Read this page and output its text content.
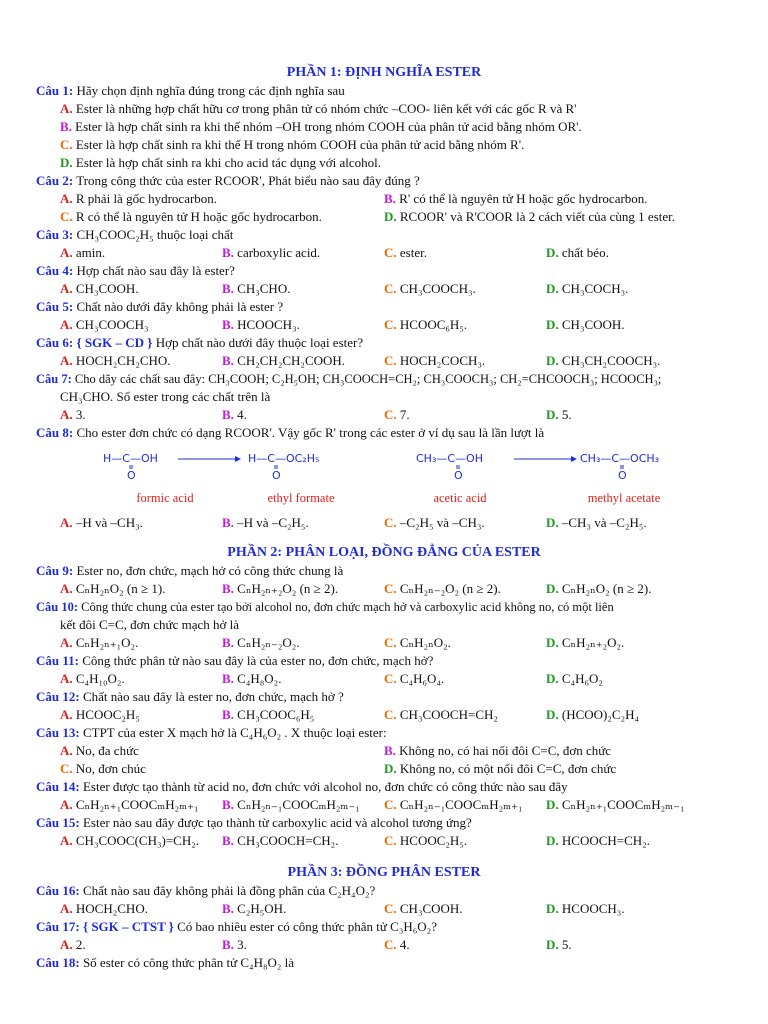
PHẦN 1: ĐỊNH NGHĨA ESTER

Câu 1: Hãy chọn định nghĩa đúng trong các định nghĩa sau

A. Ester là những hợp chất hữu cơ trong phân tử có nhóm chức –COO- liên kết với các gốc R và R'
B. Ester là hợp chất sinh ra khi thế nhóm –OH trong nhóm COOH của phân tử acid bằng nhóm OR'.
C. Ester là hợp chất sinh ra khi thế H trong nhóm COOH của phân tử acid bằng nhóm R'.
D. Ester là hợp chất sinh ra khi cho acid tác dụng với alcohol.

Câu 2: Trong công thức của ester RCOOR', Phát biểu nào sau đây đúng ?

A. R phải là gốc hydrocarbon.	B. R' có thể là nguyên tử H hoặc gốc hydrocarbon.
C. R có thể là nguyên tử H hoặc gốc hydrocarbon.	D. RCOOR' và R'COOR là 2 cách viết của cùng 1 ester.

Câu 3: CH₃COOC₂H₅ thuộc loại chất

A. amin.	B. carboxylic acid.	C. ester.	D. chất béo.

Câu 4: Hợp chất nào sau đây là ester?

A. CH₃COOH.	B. CH₃CHO.	C. CH₃COOCH₃.	D. CH₃COCH₃.

Câu 5: Chất nào dưới đây không phải là ester ?

A. CH₃COOCH₃	B. HCOOCH₃.	C. HCOOC₆H₅.	D. CH₃COOH.

Câu 6: { SGK – CD } Hợp chất nào dưới đây thuộc loại ester?

A. HOCH₂CH₂CHO.	B. CH₂CH₂CH₂COOH.	C. HOCH₂COCH₃.	D. CH₃CH₂COOCH₃.

Câu 7: Cho dãy các chất sau đây: CH₃COOH; C₂H₅OH; CH₃COOCH=CH₂; CH₃COOCH₃; CH₂=CHCOOCH₃; HCOOCH₃;

CH₃CHO. Số ester trong các chất trên là

A. 3.	B. 4.	C. 7.	D. 5.

Câu 8: Cho ester đơn chức có dạng RCOOR'. Vậy gốc R' trong các ester ở ví dụ sau là lần lượt là

H—C—OH
O
H—C—OC₂H₅
O
formic acid	ethyl formate
CH₃—C—OH
O
CH₃—C—OCH₃
O
acetic acid	methyl acetate
A. –H và –CH₃.	B. –H và –C₂H₅.	C. –C₂H₅ và –CH₃.	D. –CH₃ và –C₂H₅.

PHẦN 2: PHÂN LOẠI, ĐỒNG ĐẲNG CỦA ESTER

Câu 9: Ester no, đơn chức, mạch hở có công thức chung là

A. CₙH₂ₙO₂ (n ≥ 1).	B. CₙH₂ₙ₊₂O₂ (n ≥ 2).	C. CₙH₂ₙ₋₂O₂ (n ≥ 2).	D. CₙH₂ₙO₂ (n ≥ 2).

Câu 10: Công thức chung của ester tạo bởi alcohol no, đơn chức mạch hở và carboxylic acid không no, có một liên

kết đôi C=C, đơn chức mạch hở là

A. CₙH₂ₙ₊₁O₂.	B. CₙH₂ₙ₋₂O₂.	C. CₙH₂ₙO₂.	D. CₙH₂ₙ₊₂O₂.

Câu 11: Công thức phân tử nào sau đây là của ester no, đơn chức, mạch hở?

A. C₄H₁₀O₂.	B. C₄H₈O₂.	C. C₄H₆O₄.	D. C₄H₆O₂

Câu 12: Chất nào sau đây là ester no, đơn chức, mạch hở ?

A. HCOOC₂H₅	B. CH₃COOC₆H₅	C. CH₃COOCH=CH₂	D. (HCOO)₂C₂H₄

Câu 13: CTPT của ester X mạch hở là C₄H₆O₂ . X thuộc loại ester:

A. No, đa chức	B. Không no, có hai nối đôi C=C, đơn chức
C. No, đơn chúc	D. Không no, có một nối đôi C=C, đơn chức

Câu 14: Ester được tạo thành từ acid no, đơn chức với alcohol no, đơn chức có công thức nào sau đây

A. CₙH₂ₙ₊₁COOCₘH₂ₘ₊₁	B. CₙH₂ₙ₋₁COOCₘH₂ₘ₋₁	C. CₙH₂ₙ₋₁COOCₘH₂ₘ₊₁	D. CₙH₂ₙ₊₁COOCₘH₂ₘ₋₁

Câu 15: Ester nào sau đây được tạo thành từ carboxylic acid và alcohol tương ứng?

A. CH₃COOC(CH₃)=CH₂.	B. CH₃COOCH=CH₂.	C. HCOOC₂H₅.	D. HCOOCH=CH₂.

PHẦN 3: ĐỒNG PHÂN ESTER

Câu 16: Chất nào sau đây không phải là đồng phân của C₂H₄O₂?

A. HOCH₂CHO.	B. C₂H₅OH.	C. CH₃COOH.	D. HCOOCH₃.

Câu 17: { SGK – CTST } Có bao nhiêu ester có công thức phân tử C₃H₆O₂?

A. 2.	B. 3.	C. 4.	D. 5.

Câu 18: Số ester có công thức phân tử C₄H₈O₂ là
